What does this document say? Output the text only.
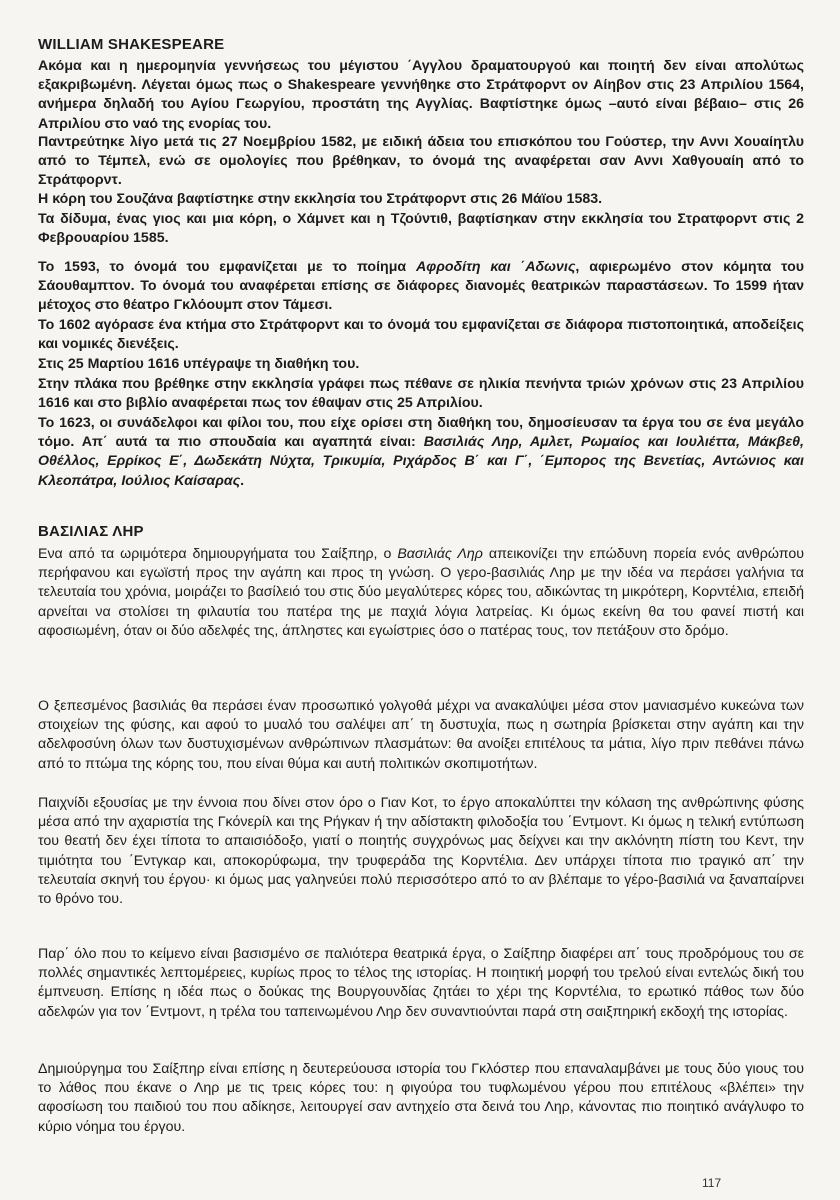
WILLIAM SHAKESPEARE

Ακόμα και η ημερομηνία γεννήσεως του μέγιστου ΄Αγγλου δραματουργού και ποιητή δεν είναι απολύτως εξακριβωμένη. Λέγεται όμως πως ο Shakespeare γεννήθηκε στο Στράτφορντ ον Αίηβον στις 23 Απριλίου 1564, ανήμερα δηλαδή του Αγίου Γεωργίου, προστάτη της Αγγλίας. Βαφτίστηκε όμως –αυτό είναι βέβαιο– στις 26 Απριλίου στο ναό της ενορίας του.

Παντρεύτηκε λίγο μετά τις 27 Νοεμβρίου 1582, με ειδική άδεια του επισκόπου του Γούστερ, την Αννι Χουαίητλυ από το Τέμπελ, ενώ σε ομολογίες που βρέθηκαν, το όνομά της αναφέρεται σαν Αννι Χαθγουαίη από το Στράτφορντ.

Η κόρη του Σουζάνα βαφτίστηκε στην εκκλησία του Στράτφορντ στις 26 Μάϊου 1583.

Τα δίδυμα, ένας γιος και μια κόρη, ο Χάμνετ και η Τζούντιθ, βαφτίσηκαν στην εκκλησία του Στρατφορντ στις 2 Φεβρουαρίου 1585.

Το 1593, το όνομά του εμφανίζεται με το ποίημα Αφροδίτη και ΄Αδωνις, αφιερωμένο στον κόμητα του Σάουθαμπτον. Το όνομά του αναφέρεται επίσης σε διάφορες διανομές θεατρικών παραστάσεων. Το 1599 ήταν μέτοχος στο θέατρο Γκλόουμπ στον Τάμεσι.

Το 1602 αγόρασε ένα κτήμα στο Στράτφορντ και το όνομά του εμφανίζεται σε διάφορα πιστοποιητικά, αποδείξεις και νομικές διενέξεις.

Στις 25 Μαρτίου 1616 υπέγραψε τη διαθήκη του.

Στην πλάκα που βρέθηκε στην εκκλησία γράφει πως πέθανε σε ηλικία πενήντα τριών χρόνων στις 23 Απριλίου 1616 και στο βιβλίο αναφέρεται πως τον έθαψαν στις 25 Απριλίου.

Το 1623, οι συνάδελφοι και φίλοι του, που είχε ορίσει στη διαθήκη του, δημοσίευσαν τα έργα του σε ένα μεγάλο τόμο. Απ΄ αυτά τα πιο σπουδαία και αγαπητά είναι: Βασιλιάς Ληρ, Αμλετ, Ρωμαίος και Ιουλιέττα, Μάκβεθ, Οθέλλος, Ερρίκος Ε΄, Δωδεκάτη Νύχτα, Τρικυμία, Ριχάρδος Β΄ και Γ΄, ΄Εμπορος της Βενετίας, Αντώνιος και Κλεοπάτρα, Ιούλιος Καίσαρας.

ΒΑΣΙΛΙΑΣ ΛΗΡ

Ενα από τα ωριμότερα δημιουργήματα του Σαίξπηρ, ο Βασιλιάς Ληρ απεικονίζει την επώδυνη πορεία ενός ανθρώπου περήφανου και εγωϊστή προς την αγάπη και προς τη γνώση. Ο γερο-βασιλιάς Ληρ με την ιδέα να περάσει γαλήνια τα τελευταία του χρόνια, μοιράζει το βασίλειό του στις δύο μεγαλύτερες κόρες του, αδικώντας τη μικρότερη, Κορντέλια, επειδή αρνείται να στολίσει τη φιλαυτία του πατέρα της με παχιά λόγια λατρείας. Κι όμως εκείνη θα του φανεί πιστή και αφοσιωμένη, όταν οι δύο αδελφές της, άπληστες και εγωίστριες όσο ο πατέρας τους, τον πετάξουν στο δρόμο.

Ο ξεπεσμένος βασιλιάς θα περάσει έναν προσωπικό γολγοθά μέχρι να ανακαλύψει μέσα στον μανιασμένο κυκεώνα των στοιχείων της φύσης, και αφού το μυαλό του σαλέψει απ΄ τη δυστυχία, πως η σωτηρία βρίσκεται στην αγάπη και την αδελφοσύνη όλων των δυστυχισμένων ανθρώπινων πλασμάτων: θα ανοίξει επιτέλους τα μάτια, λίγο πριν πεθάνει πάνω από το πτώμα της κόρης του, που είναι θύμα και αυτή πολιτικών σκοπιμοτήτων.

Παιχνίδι εξουσίας με την έννοια που δίνει στον όρο ο Γιαν Κοτ, το έργο αποκαλύπτει την κόλαση της ανθρώπινης φύσης μέσα από την αχαριστία της Γκόνερίλ και της Ρήγκαν ή την αδίστακτη φιλοδοξία του ΄Εντμοντ. Κι όμως η τελική εντύπωση του θεατή δεν έχει τίποτα το απαισιόδοξο, γιατί ο ποιητής συγχρόνως μας δείχνει και την ακλόνητη πίστη του Κεντ, την τιμιότητα του ΄Εντγκαρ και, αποκορύφωμα, την τρυφεράδα της Κορντέλια. Δεν υπάρχει τίποτα πιο τραγικό απ΄ την τελευταία σκηνή του έργου· κι όμως μας γαληνεύει πολύ περισσότερο από το αν βλέπαμε το γέρο-βασιλιά να ξαναπαίρνει το θρόνο του.

Παρ΄ όλο που το κείμενο είναι βασισμένο σε παλιότερα θεατρικά έργα, ο Σαίξπηρ διαφέρει απ΄ τους προδρόμους του σε πολλές σημαντικές λεπτομέρειες, κυρίως προς το τέλος της ιστορίας. Η ποιητική μορφή του τρελού είναι εντελώς δική του έμπνευση. Επίσης η ιδέα πως ο δούκας της Βουργουνδίας ζητάει το χέρι της Κορντέλια, το ερωτικό πάθος των δύο αδελφών για τον ΄Εντμοντ, η τρέλα του ταπεινωμένου Ληρ δεν συναντιούνται παρά στη σαιξπηρική εκδοχή της ιστορίας.

Δημιούργημα του Σαίξπηρ είναι επίσης η δευτερεύουσα ιστορία του Γκλόστερ που επαναλαμβάνει με τους δύο γιους του το λάθος που έκανε ο Ληρ με τις τρεις κόρες του: η φιγούρα του τυφλωμένου γέρου που επιτέλους «βλέπει» την αφοσίωση του παιδιού του που αδίκησε, λειτουργεί σαν αντηχείο στα δεινά του Ληρ, κάνοντας πιο ποιητικό ανάγλυφο το κύριο νόημα του έργου.

117
